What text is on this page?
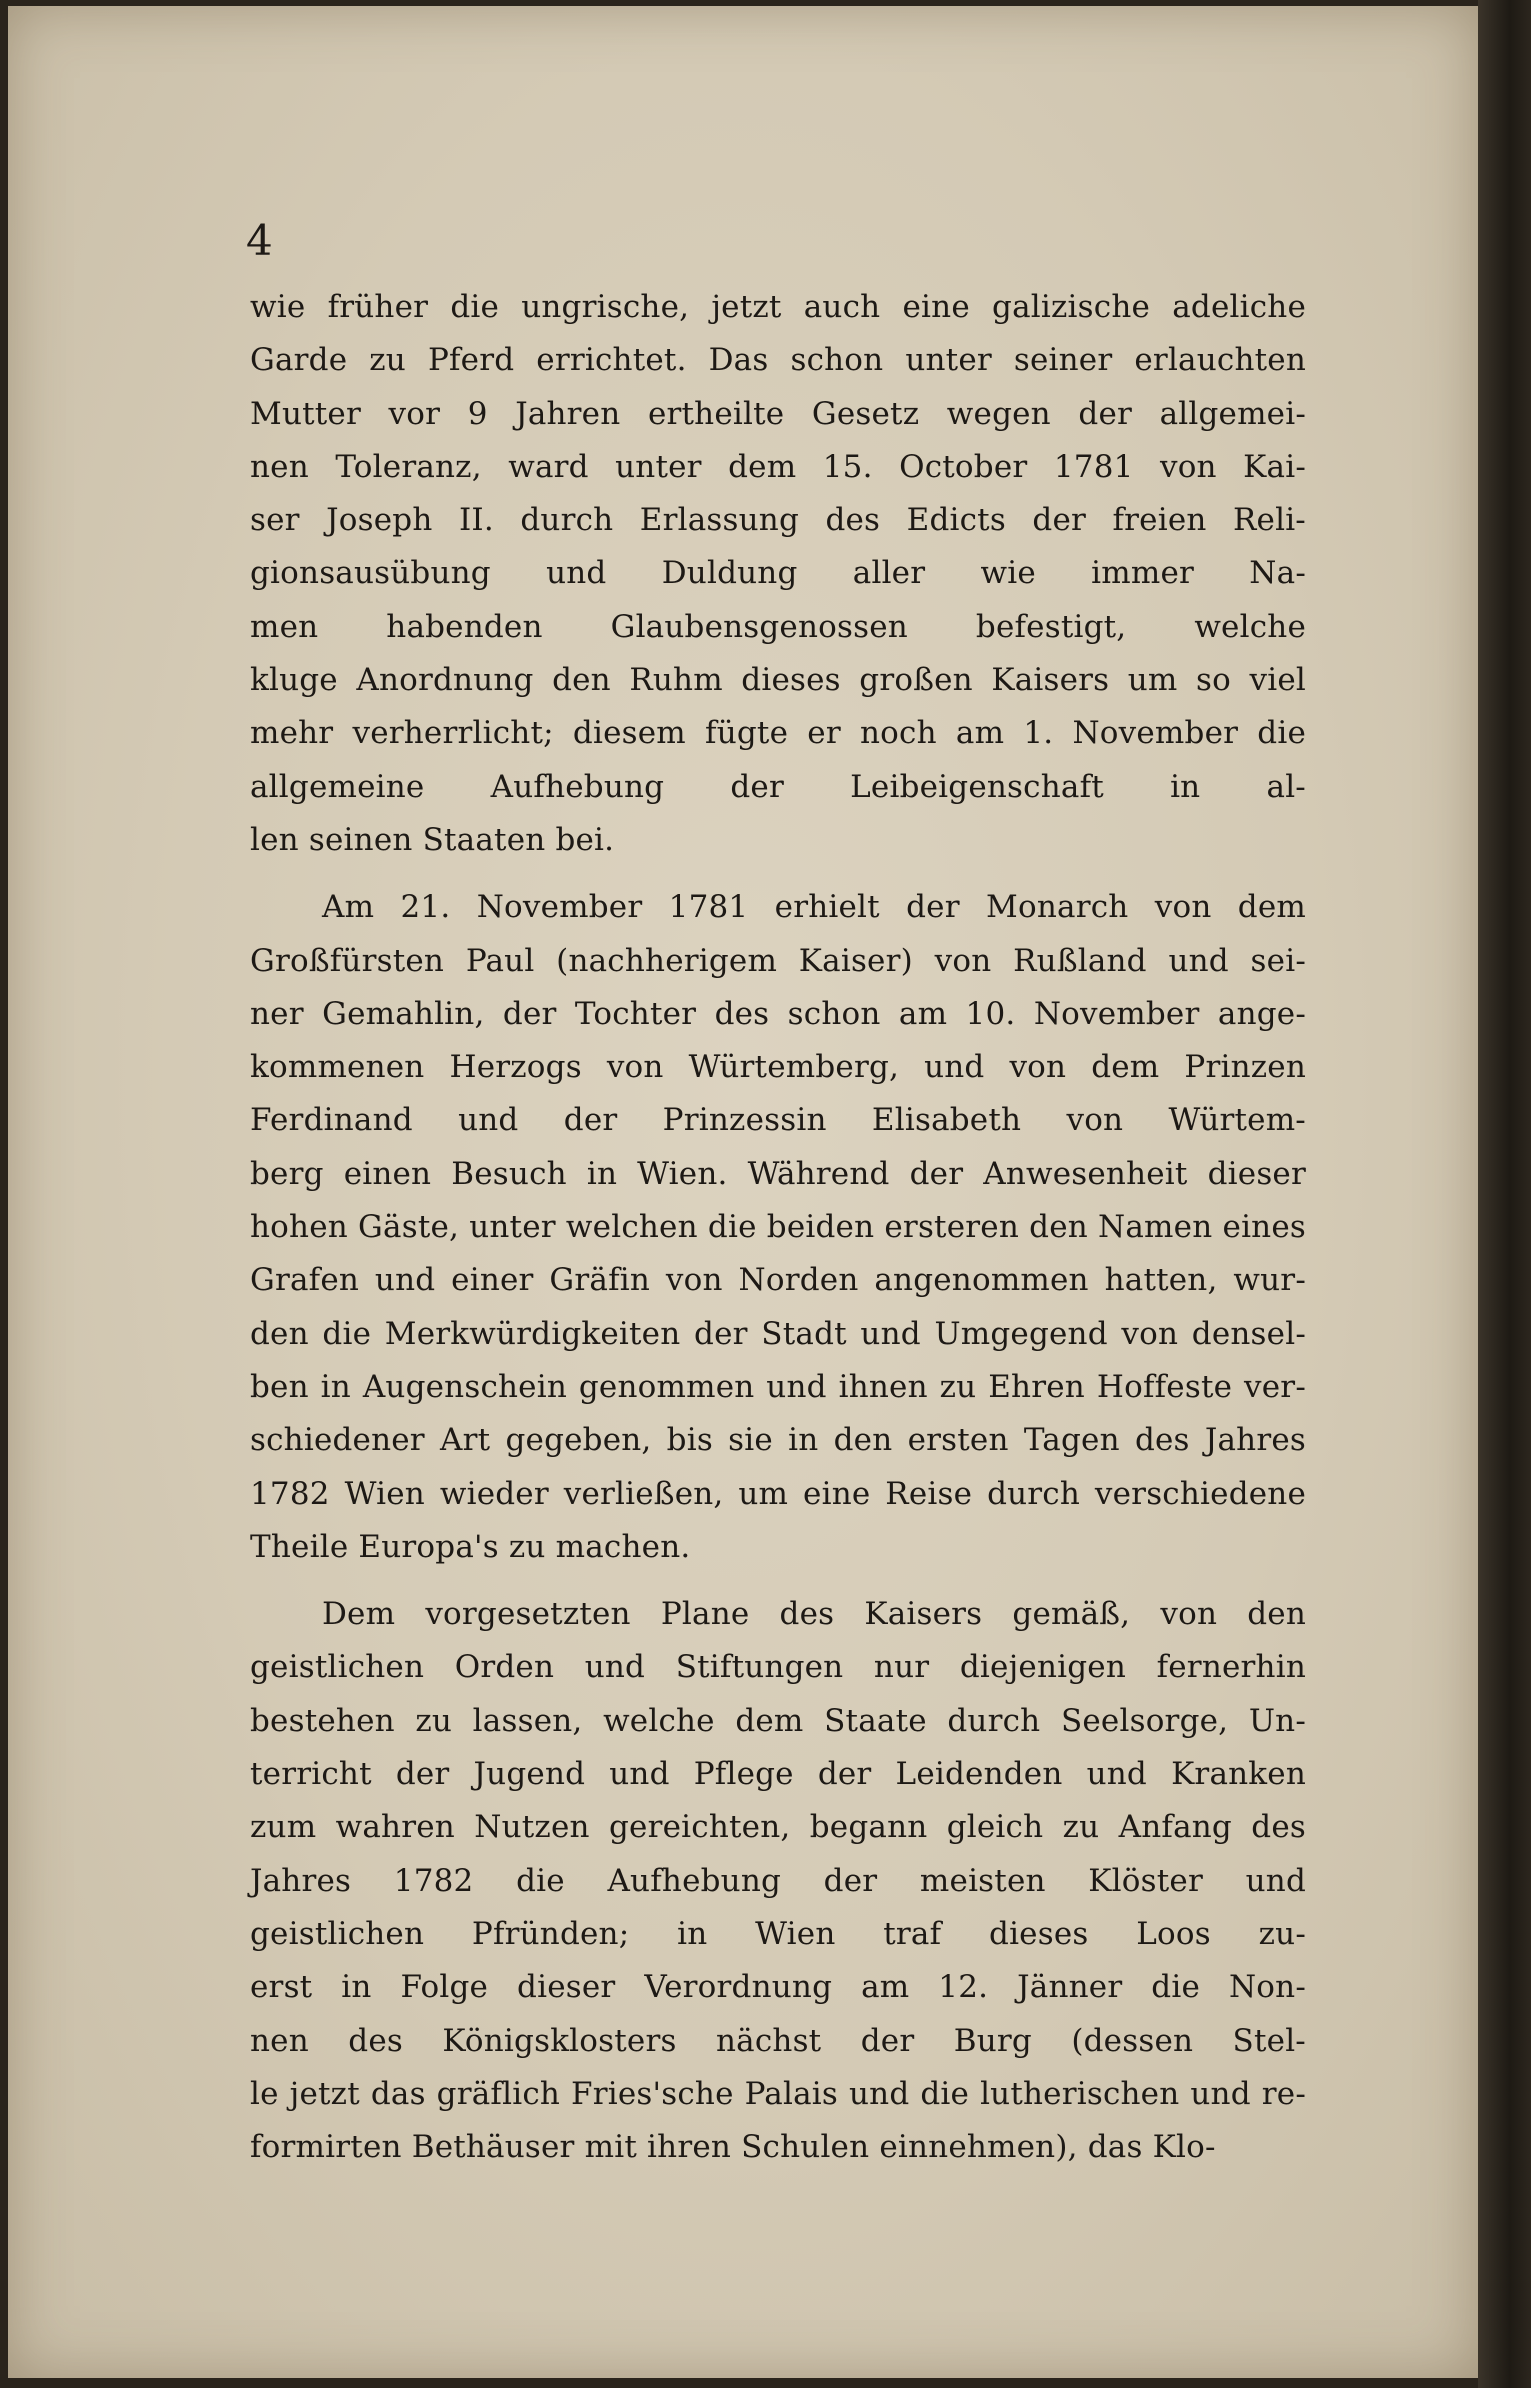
4
wie früher die ungrische, jetzt auch eine galizische adeliche
Garde zu Pferd errichtet. Das schon unter seiner erlauchten
Mutter vor 9 Jahren ertheilte Gesetz wegen der allgemei-
nen Toleranz, ward unter dem 15. October 1781 von Kai-
ser Joseph II. durch Erlassung des Edicts der freien Reli-
gionsausübung und Duldung aller wie immer Na-
men habenden Glaubensgenossen befestigt, welche
kluge Anordnung den Ruhm dieses großen Kaisers um so viel
mehr verherrlicht; diesem fügte er noch am 1. November die
allgemeine Aufhebung der Leibeigenschaft in al-
len seinen Staaten bei.
Am 21. November 1781 erhielt der Monarch von dem
Großfürsten Paul (nachherigem Kaiser) von Rußland und sei-
ner Gemahlin, der Tochter des schon am 10. November ange-
kommenen Herzogs von Würtemberg, und von dem Prinzen
Ferdinand und der Prinzessin Elisabeth von Würtem-
berg einen Besuch in Wien. Während der Anwesenheit dieser
hohen Gäste, unter welchen die beiden ersteren den Namen eines
Grafen und einer Gräfin von Norden angenommen hatten, wur-
den die Merkwürdigkeiten der Stadt und Umgegend von densel-
ben in Augenschein genommen und ihnen zu Ehren Hoffeste ver-
schiedener Art gegeben, bis sie in den ersten Tagen des Jahres
1782 Wien wieder verließen, um eine Reise durch verschiedene
Theile Europa's zu machen.
Dem vorgesetzten Plane des Kaisers gemäß, von den
geistlichen Orden und Stiftungen nur diejenigen fernerhin
bestehen zu lassen, welche dem Staate durch Seelsorge, Un-
terricht der Jugend und Pflege der Leidenden und Kranken
zum wahren Nutzen gereichten, begann gleich zu Anfang des
Jahres 1782 die Aufhebung der meisten Klöster und
geistlichen Pfründen; in Wien traf dieses Loos zu-
erst in Folge dieser Verordnung am 12. Jänner die Non-
nen des Königsklosters nächst der Burg (dessen Stel-
le jetzt das gräflich Fries'sche Palais und die lutherischen und re-
formirten Bethäuser mit ihren Schulen einnehmen), das Klo-
